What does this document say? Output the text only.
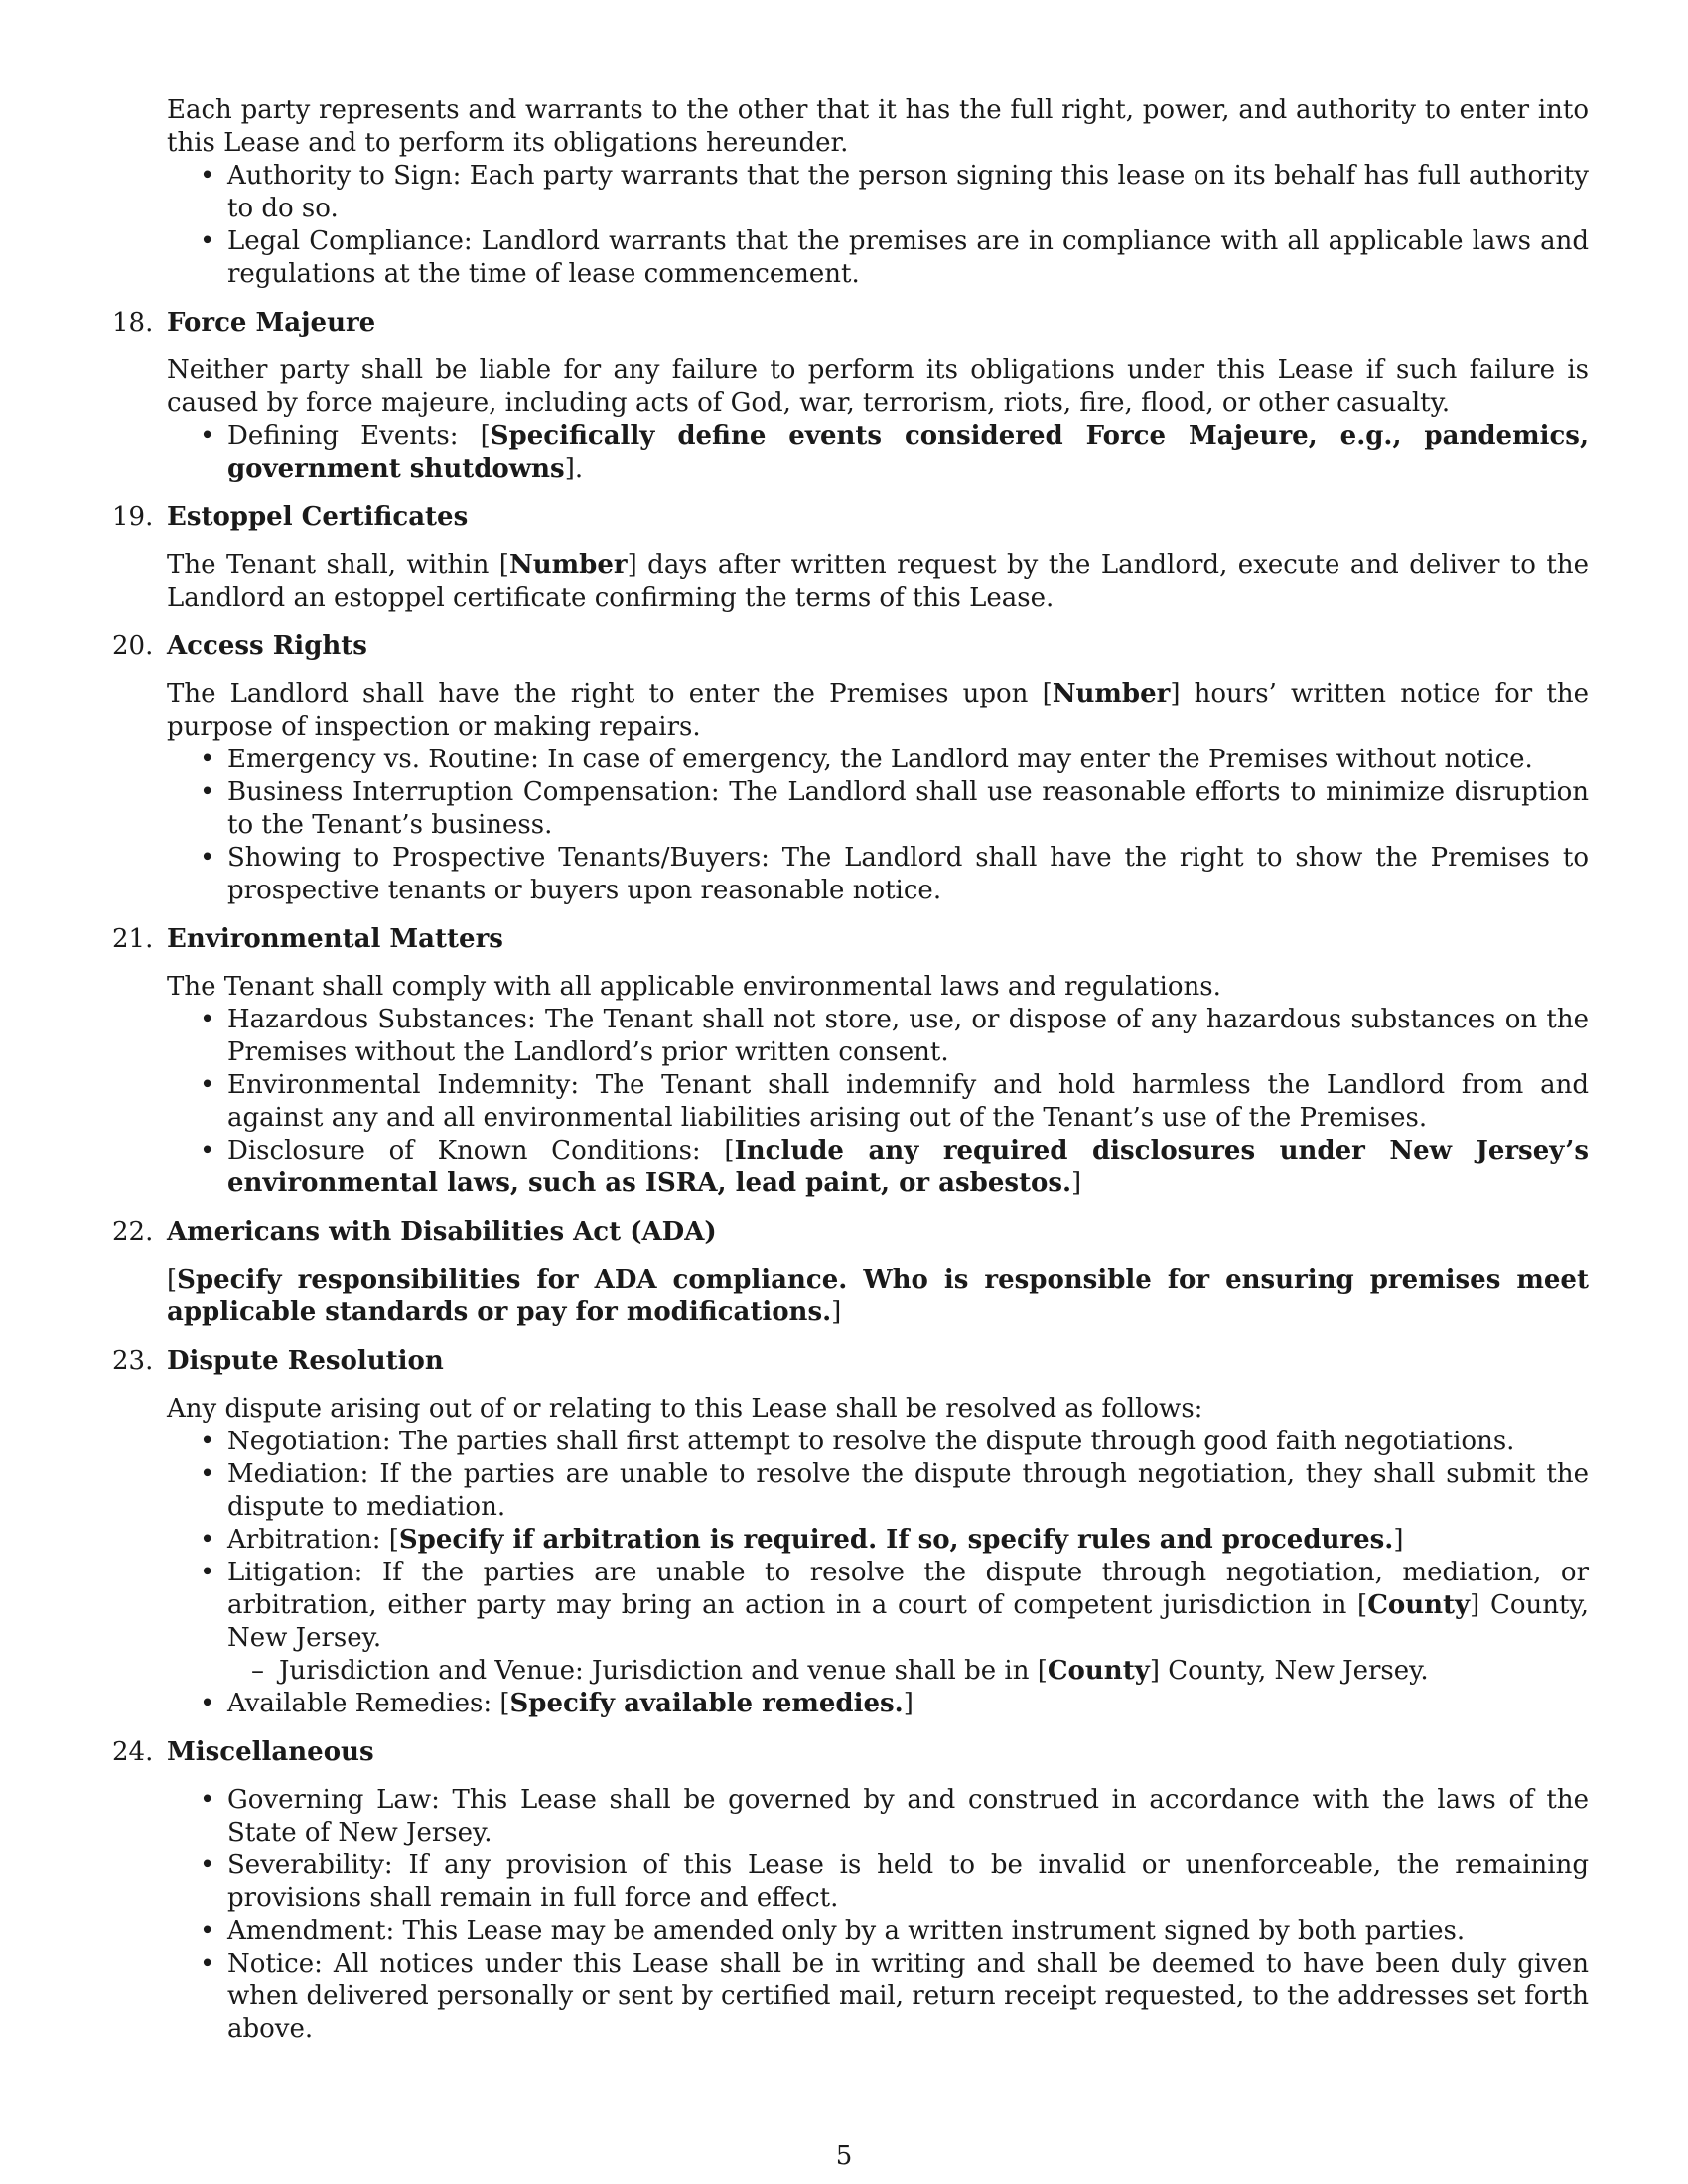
Each party represents and warrants to the other that it has the full right, power, and authority to enter into this Lease and to perform its obligations hereunder.

• Authority to Sign: Each party warrants that the person signing this lease on its behalf has full authority to do so.
• Legal Compliance: Landlord warrants that the premises are in compliance with all applicable laws and regulations at the time of lease commencement.
18. Force Majeure

Neither party shall be liable for any failure to perform its obligations under this Lease if such failure is caused by force majeure, including acts of God, war, terrorism, riots, fire, flood, or other casualty.

• Defining Events: [Specifically define events considered Force Majeure, e.g., pandemics, government shutdowns].
19. Estoppel Certificates

The Tenant shall, within [Number] days after written request by the Landlord, execute and deliver to the Landlord an estoppel certificate confirming the terms of this Lease.

20. Access Rights

The Landlord shall have the right to enter the Premises upon [Number] hours’ written notice for the purpose of inspection or making repairs.

• Emergency vs. Routine: In case of emergency, the Landlord may enter the Premises without notice.
• Business Interruption Compensation: The Landlord shall use reasonable efforts to minimize disruption to the Tenant’s business.
• Showing to Prospective Tenants/Buyers: The Landlord shall have the right to show the Premises to prospective tenants or buyers upon reasonable notice.
21. Environmental Matters

The Tenant shall comply with all applicable environmental laws and regulations.

• Hazardous Substances: The Tenant shall not store, use, or dispose of any hazardous substances on the Premises without the Landlord’s prior written consent.
• Environmental Indemnity: The Tenant shall indemnify and hold harmless the Landlord from and against any and all environmental liabilities arising out of the Tenant’s use of the Premises.
• Disclosure of Known Conditions: [Include any required disclosures under New Jersey’s environmental laws, such as ISRA, lead paint, or asbestos.]
22. Americans with Disabilities Act (ADA)

[Specify responsibilities for ADA compliance. Who is responsible for ensuring premises meet applicable standards or pay for modifications.]

23. Dispute Resolution

Any dispute arising out of or relating to this Lease shall be resolved as follows:

• Negotiation: The parties shall first attempt to resolve the dispute through good faith negotiations.
• Mediation: If the parties are unable to resolve the dispute through negotiation, they shall submit the dispute to mediation.
• Arbitration: [Specify if arbitration is required. If so, specify rules and procedures.]
• Litigation: If the parties are unable to resolve the dispute through negotiation, mediation, or arbitration, either party may bring an action in a court of competent jurisdiction in [County] County, New Jersey.
– Jurisdiction and Venue: Jurisdiction and venue shall be in [County] County, New Jersey.
• Available Remedies: [Specify available remedies.]
24. Miscellaneous
• Governing Law: This Lease shall be governed by and construed in accordance with the laws of the State of New Jersey.
• Severability: If any provision of this Lease is held to be invalid or unenforceable, the remaining provisions shall remain in full force and effect.
• Amendment: This Lease may be amended only by a written instrument signed by both parties.
• Notice: All notices under this Lease shall be in writing and shall be deemed to have been duly given when delivered personally or sent by certified mail, return receipt requested, to the addresses set forth above.
5
